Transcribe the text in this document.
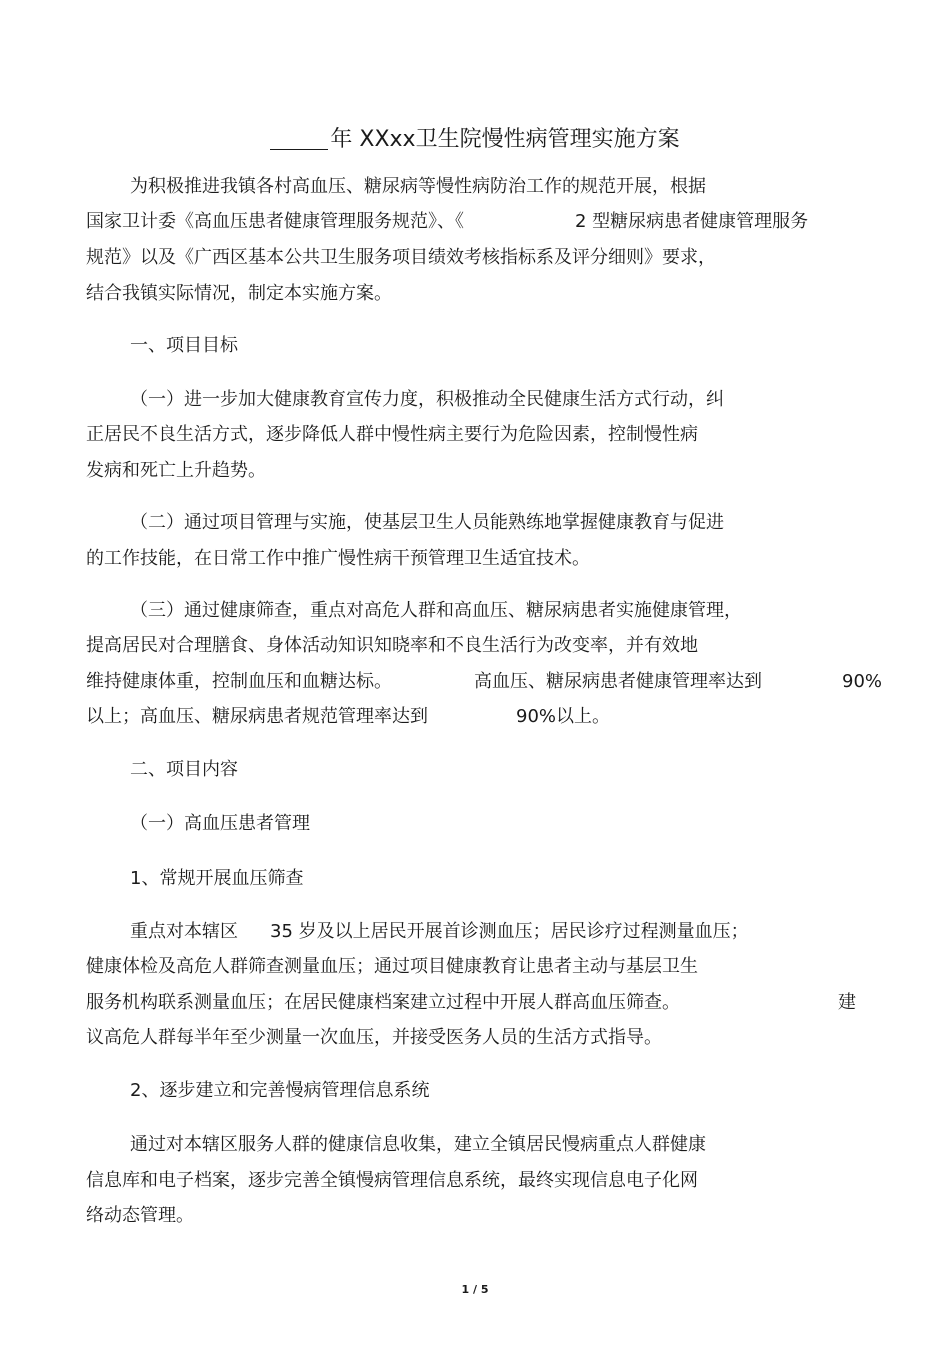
年 XXxx卫生院慢性病管理实施方案
为积极推进我镇各村高血压、糖尿病等慢性病防治工作的规范开展，根据
国家卫计委《高血压患者健康管理服务规范》、《	2 型糖尿病患者健康管理服务
规范》以及《广西区基本公共卫生服务项目绩效考核指标系及评分细则》要求，
结合我镇实际情况，制定本实施方案。
一、项目目标
（一）进一步加大健康教育宣传力度，积极推动全民健康生活方式行动，纠
正居民不良生活方式，逐步降低人群中慢性病主要行为危险因素，控制慢性病
发病和死亡上升趋势。
（二）通过项目管理与实施，使基层卫生人员能熟练地掌握健康教育与促进
的工作技能，在日常工作中推广慢性病干预管理卫生适宜技术。
（三）通过健康筛查，重点对高危人群和高血压、糖尿病患者实施健康管理，
提高居民对合理膳食、身体活动知识知晓率和不良生活行为改变率，并有效地
维持健康体重，控制血压和血糖达标。	高血压、糖尿病患者健康管理率达到	90%
以上；高血压、糖尿病患者规范管理率达到	90%以上。
二、项目内容
（一）高血压患者管理
1、常规开展血压筛查
重点对本辖区 35 岁及以上居民开展首诊测血压；居民诊疗过程测量血压；
健康体检及高危人群筛查测量血压；通过项目健康教育让患者主动与基层卫生
服务机构联系测量血压；在居民健康档案建立过程中开展人群高血压筛查。	建
议高危人群每半年至少测量一次血压，并接受医务人员的生活方式指导。
2、逐步建立和完善慢病管理信息系统
通过对本辖区服务人群的健康信息收集，建立全镇居民慢病重点人群健康
信息库和电子档案，逐步完善全镇慢病管理信息系统，最终实现信息电子化网
络动态管理。
1 / 5
